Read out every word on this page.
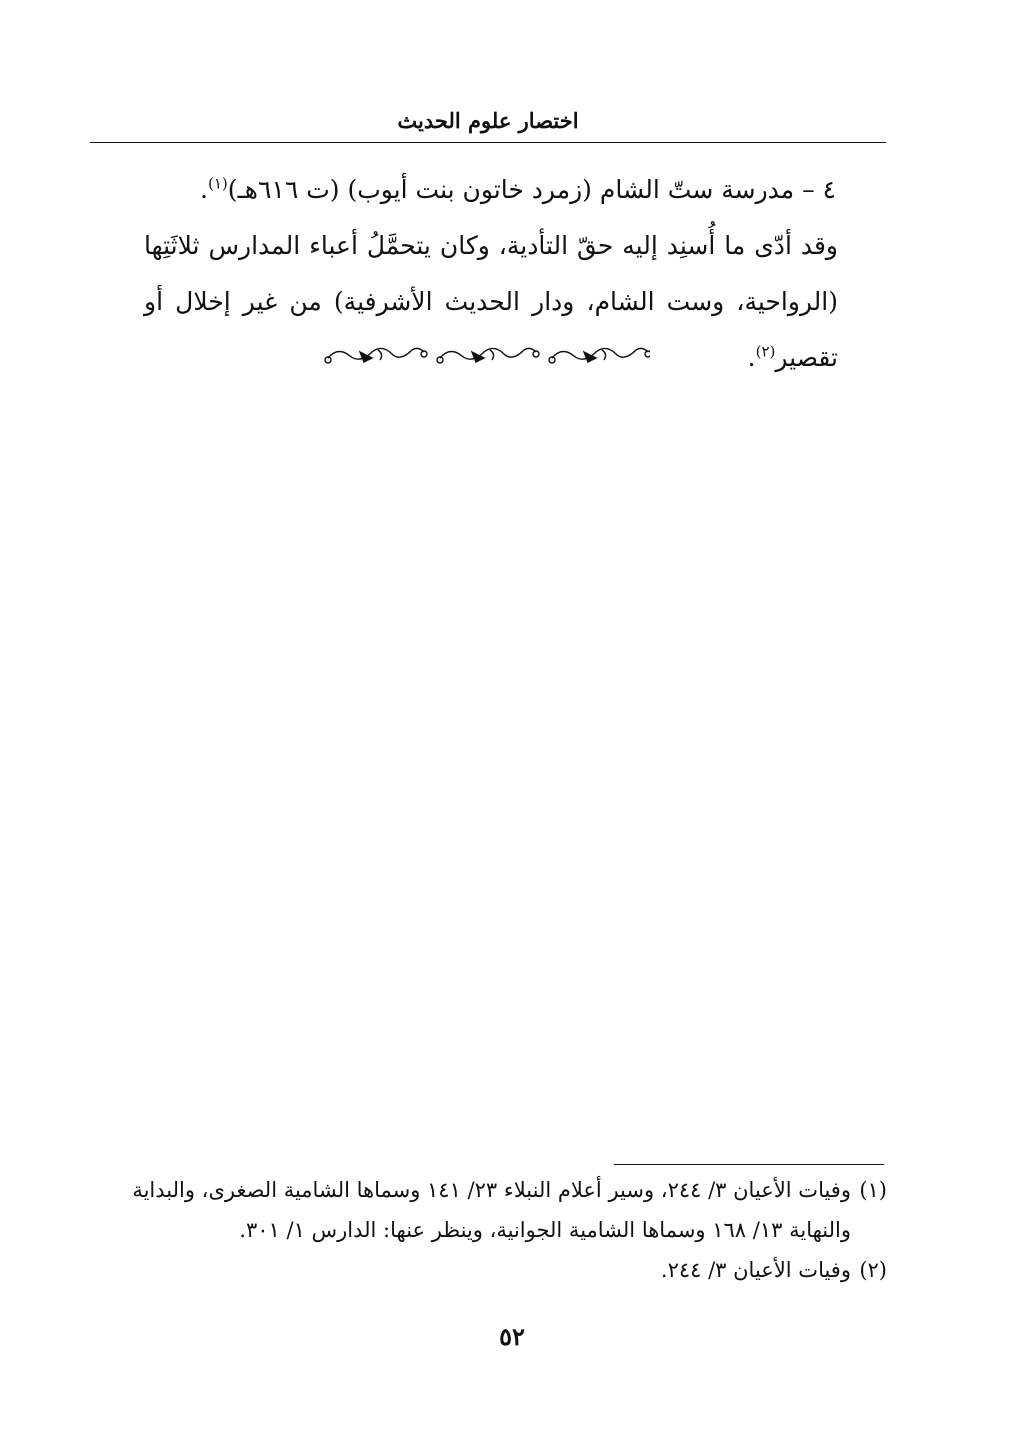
اختصار علوم الحديث

٤ – مدرسة ستّ الشام (زمرد خاتون بنت أيوب) (ت ٦١٦هـ)$^{(١)}$.

وقد أدّى ما أُسنِد إليه حقّ التأدية، وكان يتحمَّلُ أعباء المدارس ثلاثَتِها (الرواحية، وست الشام، ودار الحديث الأشرفية) من غير إخلال أو تقصير$^{(٢)}$.

(١)وفيات الأعيان ٣/ ٢٤٤، وسير أعلام النبلاء ٢٣/ ١٤١ وسماها الشامية الصغرى، والبداية

والنهاية ١٣/ ١٦٨ وسماها الشامية الجوانية، وينظر عنها: الدارس ١/ ٣٠١.

(٢)وفيات الأعيان ٣/ ٢٤٤.

٥٢
